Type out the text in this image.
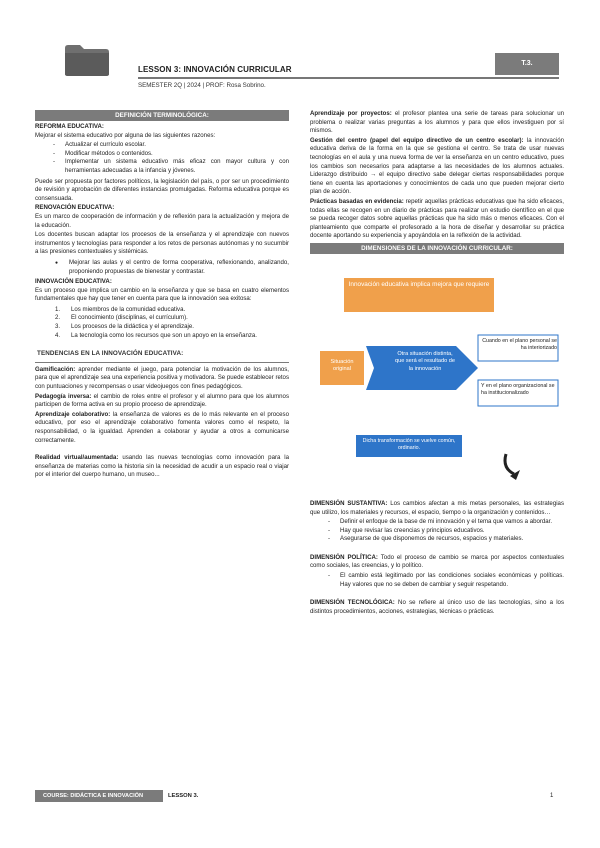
LESSON 3: INNOVACIÓN CURRICULAR
T.3.
SEMESTER 2Q | 2024 | PROF: Rosa Sobrino.
DEFINICIÓN TERMINOLÓGICA:
REFORMA EDUCATIVA:

Mejorar el sistema educativo por alguna de las siguientes razones:

- Actualizar el currículo escolar.
- Modificar métodos o contenidos.
- Implementar un sistema educativo más eficaz con mayor cultura y con herramientas adecuadas a la infancia y jóvenes.

Puede ser propuesta por factores políticos, la legislación del país, o por ser un procedimiento de revisión y aprobación de diferentes instancias promulgadas. Reforma educativa porque es consensuada.

RENOVACIÓN EDUCATIVA:

Es un marco de cooperación de información y de reflexión para la actualización y mejora de la educación.

Los docentes buscan adaptar los procesos de la enseñanza y el aprendizaje con nuevos instrumentos y tecnologías para responder a los retos de personas autónomas y no sucumbir a las presiones contextuales y sistémicas.

● Mejorar las aulas y el centro de forma cooperativa, reflexionando, analizando, proponiendo propuestas de bienestar y contrastar.
INNOVACIÓN EDUCATIVA:

Es un proceso que implica un cambio en la enseñanza y que se basa en cuatro elementos fundamentales que hay que tener en cuenta para que la innovación sea exitosa:

1. Los miembros de la comunidad educativa.
2. El conocimiento (disciplinas, el currículum).
3. Los procesos de la didáctica y el aprendizaje.
4. La tecnología como los recursos que son un apoyo en la enseñanza.
TENDENCIAS EN LA INNOVACIÓN EDUCATIVA:

Gamificación: aprender mediante el juego, para potenciar la motivación de los alumnos, para que el aprendizaje sea una experiencia positiva y motivadora. Se puede establecer retos con puntuaciones y recompensas o usar videojuegos con fines pedagógicos.

Pedagogía inversa: el cambio de roles entre el profesor y el alumno para que los alumnos participen de forma activa en su propio proceso de aprendizaje.

Aprendizaje colaborativo: la enseñanza de valores es de lo más relevante en el proceso educativo, por eso el aprendizaje colaborativo fomenta valores como el respeto, la responsabilidad, o la igualdad. Aprenden a colaborar y ayudar a otros a comunicarse correctamente.

Realidad virtual/aumentada: usando las nuevas tecnologías como innovación para la enseñanza de materias como la historia sin la necesidad de acudir a un espacio real o viajar por el interior del cuerpo humano, un museo...

Aprendizaje por proyectos: el profesor plantea una serie de tareas para solucionar un problema o realizar varias preguntas a los alumnos y para que ellos investiguen por sí mismos.

Gestión del centro (papel del equipo directivo de un centro escolar): la innovación educativa deriva de la forma en la que se gestiona el centro. Se trata de usar nuevas tecnologías en el aula y una nueva forma de ver la enseñanza en un centro educativo, pues los cambios son necesarios para adaptarse a las necesidades de los alumnos actuales. Liderazgo distribuido → el equipo directivo sabe delegar ciertas responsabilidades porque tiene en cuenta las aportaciones y conocimientos de cada uno que pueden mejorar cierto plan de acción.

Prácticas basadas en evidencia: repetir aquellas prácticas educativas que ha sido eficaces, todas ellas se recogen en un diario de prácticas para realizar un estudio científico en el que se pueda recoger datos sobre aquellas prácticas que ha sido más o menos eficaces. Con el planteamiento que comparte el profesorado a la hora de diseñar y desarrollar su práctica docente aportando su experiencia y apoyándola en la reflexión de la actividad.

DIMENSIONES DE LA INNOVACIÓN CURRICULAR:
Innovación educativa implica mejora que requiere
Situación original
Otra situación distinta, que será el resultado de la innovación
Cuando en el plano personal se ha interiorizado
Y en el plano organizacional se ha institucionalizado
Dicha transformación se vuelve común, ordinario.

DIMENSIÓN SUSTANTIVA: Los cambios afectan a mis metas personales, las estrategias que utilizo, los materiales y recursos, el espacio, tiempo o la organización y contenidos…

- Definir el enfoque de la base de mi innovación y el tema que vamos a abordar.
- Hay que revisar las creencias y principios educativos.
- Asegurarse de que disponemos de recursos, espacios y materiales.

DIMENSIÓN POLÍTICA: Todo el proceso de cambio se marca por aspectos contextuales como sociales, las creencias, y lo político.

- El cambio está legitimado por las condiciones sociales económicas y políticas. Hay valores que no se deben de cambiar y seguir respetando.

DIMENSIÓN TECNOLÓGICA: No se refiere al único uso de las tecnologías, sino a los distintos procedimientos, acciones, estrategias, técnicas o prácticas.

COURSE: DIDÁCTICA E INNOVACIÓN	LESSON 3.	1
